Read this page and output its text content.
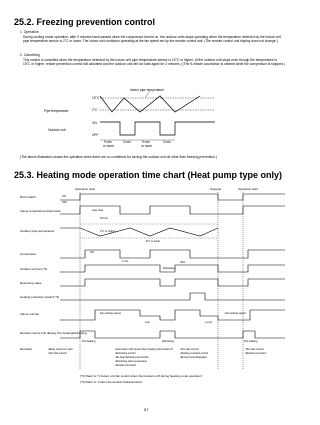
25.2. Freezing prevention control
1. Operation
During cooling mode operation, after 9 minutes have passed since the compressor turned on, the outdoor units stops operating when the temperature detected by the indoor unit pipe temperature sensor is 2°C or lower. The indoor unit continues operating at the fan speed set by the remote control unit. (The remote control unit display does not change.)
2. Cancelling
This control is cancelled when the temperature detected by the indoor unit pipe temperature sensor is 15°C or higher. (If the outdoor unit stops even though the temperature is 15°C or higher, restart prevention control will activated and the outdoor unit will not start again for 3 minutes.) (The 9-minute countdown is cleared while the compressor is stopped.)
Pipe temperature
Indoor pipe temperature
15°C
2°C
Outdoor unit
ON
OFF
9 min
or more
3 min	9 min
or more
3 min
(The above illustration shows the operation when there are no conditions for turning the outdoor unit off other than freezing prevention.)
25.3. Heating mode operation time chart (Heat pump type only)
Operation start	Stopped	Operation start
RUN switch
Indoor temperature thermostat
Outdoor pipe temperature
Compressor
Outdoor unit fan (*3)
Reversing valve
Heating protection (switch *3)
Indoor unit fan
Remote control unit display Pre-heating/defrosting
ON
OFF
Less than
45 min
2°C or higher
-3°C or lower
ON
3 min
Defrosting
OFF
Fan setting speed
Fan setting speed
Low	L.Low
Pre-heating	Defrosting	Pre-heating
Remarks	•Relay control on start
•Hot start control
•Automatic LOW speed when heating thermostat off
•Defrosting control
•No-heat defrosting prevention
•Defrosting start temperature
•Restart prevention
•Hot start control
•Heating overload control
•Excess heat dissipation
•Hot start control
•Restart prevention
(*3) Refer to "3 Indoor unit fan control when thermostat is off during heating mode operation"
(*4) Refer to "Indoor thermostat characteristics"
57
